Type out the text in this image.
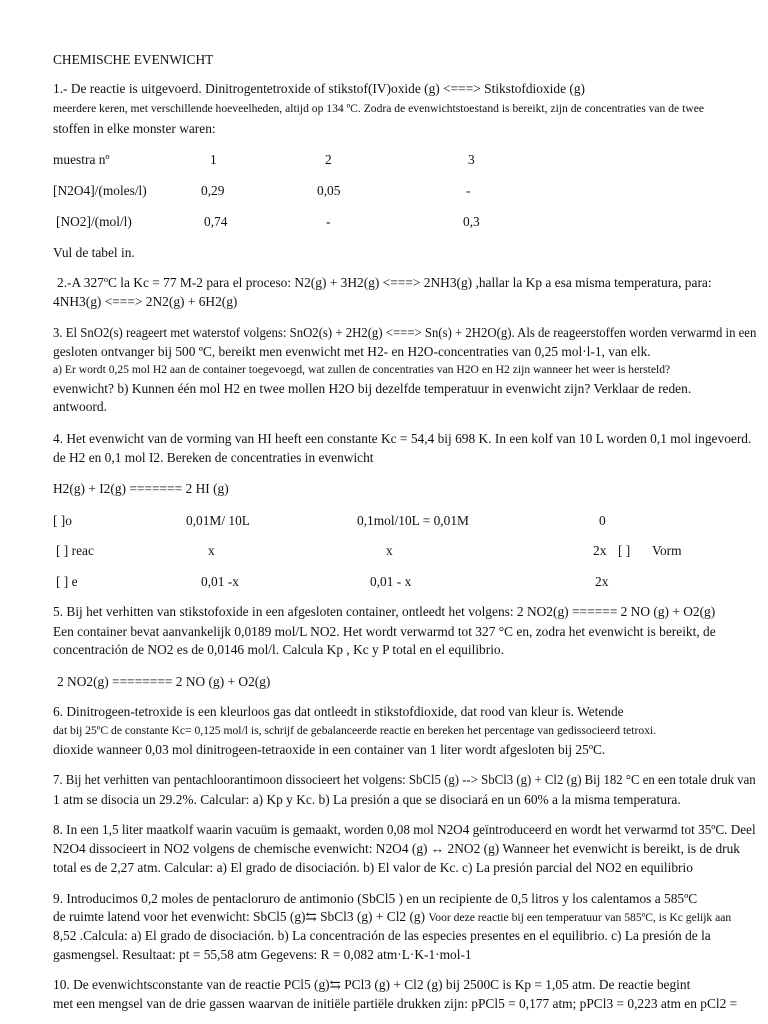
CHEMISCHE EVENWICHT
1.- De reactie is uitgevoerd. Dinitrogentetroxide of stikstof(IV)oxide (g) <===> Stikstofdioxide (g)
meerdere keren, met verschillende hoeveelheden, altijd op 134 ºC. Zodra de evenwichtstoestand is bereikt, zijn de concentraties van de twee
stoffen in elke monster waren:
muestra nº	1	2	3
[N2O4]/(moles/l)	0,29	0,05	-
[NO2]/(mol/l)	0,74	-	0,3
Vul de tabel in.
2.-A 327ºC la Kc = 77 M-2 para el proceso: N2(g) + 3H2(g) <===> 2NH3(g) ,hallar la Kp a esa misma temperatura, para:
4NH3(g) <===> 2N2(g) + 6H2(g)
3. El SnO2(s) reageert met waterstof volgens: SnO2(s) + 2H2(g) <===> Sn(s) + 2H2O(g). Als de reageerstoffen worden verwarmd in een
gesloten ontvanger bij 500 ºC, bereikt men evenwicht met H2- en H2O-concentraties van 0,25 mol·l-1, van elk.
a) Er wordt 0,25 mol H2 aan de container toegevoegd, wat zullen de concentraties van H2O en H2 zijn wanneer het weer is hersteld?
evenwicht? b) Kunnen één mol H2 en twee mollen H2O bij dezelfde temperatuur in evenwicht zijn? Verklaar de reden.
antwoord.
4. Het evenwicht van de vorming van HI heeft een constante Kc = 54,4 bij 698 K. In een kolf van 10 L worden 0,1 mol ingevoerd.
de H2 en 0,1 mol I2. Bereken de concentraties in evenwicht
H2(g) + I2(g) ======= 2 HI (g)
[ ]o	0,01M/ 10L	0,1mol/10L = 0,01M	0
[ ] reac	x	x	2x [ ] Vorm
[ ] e	0,01 -x	0,01 - x	2x
5. Bij het verhitten van stikstofoxide in een afgesloten container, ontleedt het volgens: 2 NO2(g) ====== 2 NO (g) + O2(g)
Een container bevat aanvankelijk 0,0189 mol/L NO2. Het wordt verwarmd tot 327 °C en, zodra het evenwicht is bereikt, de
concentración de NO2 es de 0,0146 mol/l. Calcula Kp , Kc y P total en el equilibrio.
2 NO2(g) ======== 2 NO (g) + O2(g)
6. Dinitrogeen-tetroxide is een kleurloos gas dat ontleedt in stikstofdioxide, dat rood van kleur is. Wetende
dat bij 25ºC de constante Kc= 0,125 mol/l is, schrijf de gebalanceerde reactie en bereken het percentage van gedissocieerd tetroxi.
dioxide wanneer 0,03 mol dinitrogeen-tetraoxide in een container van 1 liter wordt afgesloten bij 25ºC.
7. Bij het verhitten van pentachloorantimoon dissocieert het volgens: SbCl5 (g) --> SbCl3 (g) + Cl2 (g) Bij 182 °C en een totale druk van
1 atm se disocia un 29.2%. Calcular: a) Kp y Kc. b) La presión a que se disociará en un 60% a la misma temperatura.
8. In een 1,5 liter maatkolf waarin vacuüm is gemaakt, worden 0,08 mol N2O4 geïntroduceerd en wordt het verwarmd tot 35ºC. Deel
N2O4 dissocieert in NO2 volgens de chemische evenwicht: N2O4 (g) ↔ 2NO2 (g) Wanneer het evenwicht is bereikt, is de druk
total es de 2,27 atm. Calcular: a) El grado de disociación. b) El valor de Kc. c) La presión parcial del NO2 en equilibrio
9. Introducimos 0,2 moles de pentacloruro de antimonio (SbCl5 ) en un recipiente de 0,5 litros y los calentamos a 585ºC
de ruimte latend voor het evenwicht: SbCl5 (g)⇆ SbCl3 (g) + Cl2 (g) Voor deze reactie bij een temperatuur van 585ºC, is Kc gelijk aan
8,52 .Calcula: a) El grado de disociación. b) La concentración de las especies presentes en el equilibrio. c) La presión de la
gasmengsel. Resultaat: pt = 55,58 atm Gegevens: R = 0,082 atm·L·K-1·mol-1
10. De evenwichtsconstante van de reactie PCl5 (g)⇆ PCl3 (g) + Cl2 (g) bij 2500C is Kp = 1,05 atm. De reactie begint
met een mengsel van de drie gassen waarvan de initiële partiële drukken zijn: pPCl5 = 0,177 atm; pPCl3 = 0,223 atm en pCl2 =
